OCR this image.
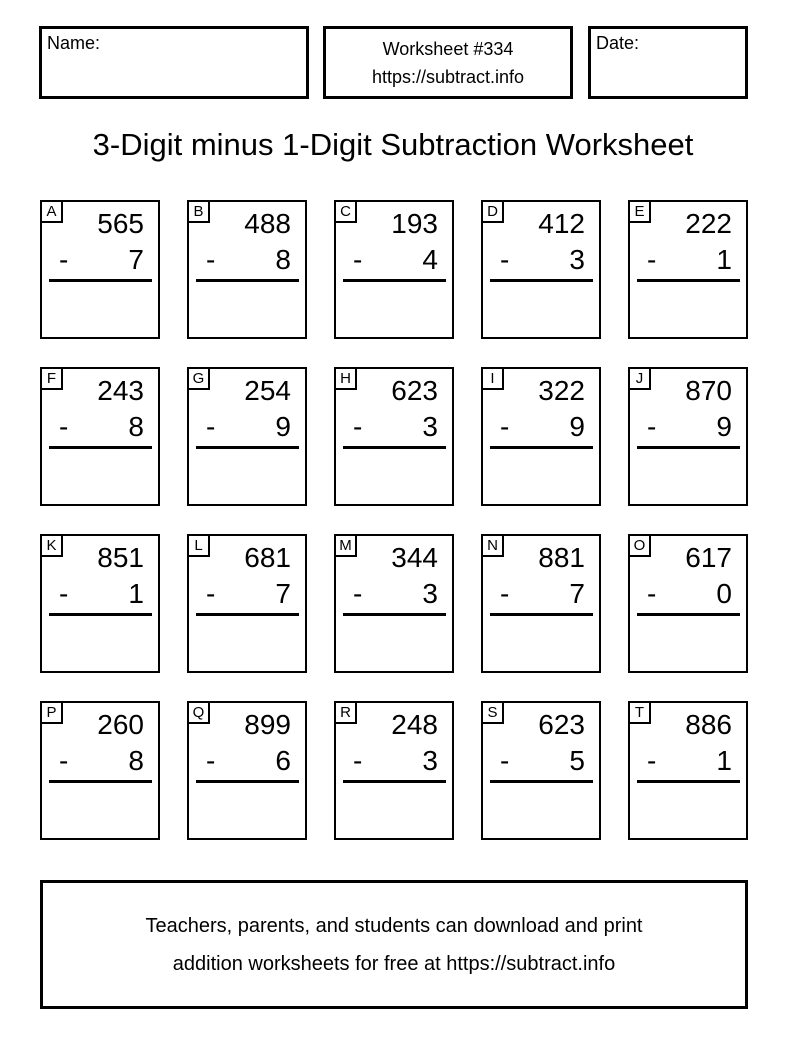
Name:	Worksheet #334
https://subtract.info
Date:
3-Digit minus 1-Digit Subtraction Worksheet
A 565
- 7
B 488
- 8
C 193
- 4
D 412
- 3
E 222
- 1
F 243
- 8
G 254
- 9
H 623
- 3
I	322
- 9
J 870
- 9
K 851
- 1
L 681
- 7
M 344
- 3
N 881
- 7
O 617
- 0
P 260
- 8
Q 899
- 6
R 248
- 3
S 623
- 5
T 886
- 1
Teachers, parents, and students can download and print
addition worksheets for free at https://subtract.info
